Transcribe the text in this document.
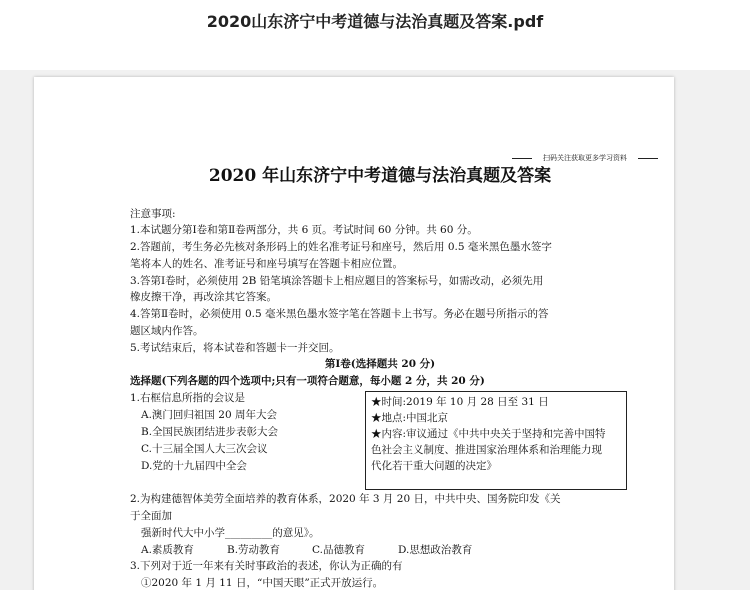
2020山东济宁中考道德与法治真题及答案.pdf
扫码关注获取更多学习资料
2020 年山东济宁中考道德与法治真题及答案
注意事项:
1.本试题分第Ⅰ卷和第Ⅱ卷两部分，共 6 页。考试时间 60 分钟。共 60 分。
2.答题前，考生务必先核对条形码上的姓名准考证号和座号，然后用 0.5 毫米黑色墨水签字
笔将本人的姓名、准考证号和座号填写在答题卡相应位置。
3.答第Ⅰ卷时，必须使用 2B 铅笔填涂答题卡上相应题目的答案标号，如需改动，必须先用
橡皮擦干净，再改涂其它答案。
4.答第Ⅱ卷时，必须使用 0.5 毫米黑色墨水签字笔在答题卡上书写。务必在题号所指示的答
题区域内作答。
5.考试结束后，将本试卷和答题卡一并交回。
第Ⅰ卷(选择题共 20 分)
选择题(下列各题的四个选项中;只有一项符合题意，每小题 2 分，共 20 分)
1.右框信息所指的会议是
A.澳门回归祖国 20 周年大会
B.全国民族团结进步表彰大会
C.十三届全国人大三次会议
D.党的十九届四中全会
★时间:2019 年 10 月 28 日至 31 日
★地点:中国北京
★内容:审议通过《中共中央关于坚持和完善中国特
色社会主义制度、推进国家治理体系和治理能力现
代化若干重大问题的决定》
2.为构建德智体美劳全面培养的教育体系，2020 年 3 月 20 日，中共中央、国务院印发《关
于全面加
强新时代大中小学_________的意见》。
A.素质教育	B.劳动教育	C.品德教育	D.思想政治教育
3.下列对于近一年来有关时事政治的表述，你认为正确的有
①2020 年 1 月 11 日，“中国天眼”正式开放运行。
